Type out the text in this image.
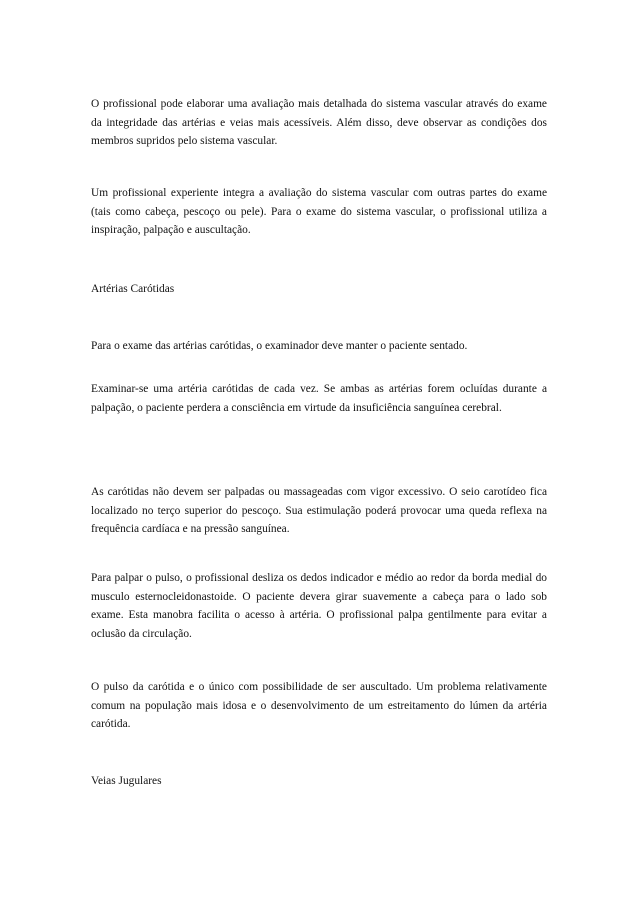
O profissional pode elaborar uma avaliação mais detalhada do sistema vascular através do exame da integridade das artérias e veias mais acessíveis. Além disso, deve observar as condições dos membros supridos pelo sistema vascular.

Um profissional experiente integra a avaliação do sistema vascular com outras partes do exame (tais como cabeça, pescoço ou pele). Para o exame do sistema vascular, o profissional utiliza a inspiração, palpação e auscultação.

Artérias Carótidas

Para o exame das artérias carótidas, o examinador deve manter o paciente sentado.

Examinar-se uma artéria carótidas de cada vez. Se ambas as artérias forem ocluídas durante a palpação, o paciente perdera a consciência em virtude da insuficiência sanguínea cerebral.

As carótidas não devem ser palpadas ou massageadas com vigor excessivo. O seio carotídeo fica localizado no terço superior do pescoço. Sua estimulação poderá provocar uma queda reflexa na frequência cardíaca e na pressão sanguínea.

Para palpar o pulso, o profissional desliza os dedos indicador e médio ao redor da borda medial do musculo esternocleidonastoide. O paciente devera girar suavemente a cabeça para o lado sob exame. Esta manobra facilita o acesso à artéria. O profissional palpa gentilmente para evitar a oclusão da circulação.

O pulso da carótida e o único com possibilidade de ser auscultado. Um problema relativamente comum na população mais idosa e o desenvolvimento de um estreitamento do lúmen da artéria carótida.

Veias Jugulares
